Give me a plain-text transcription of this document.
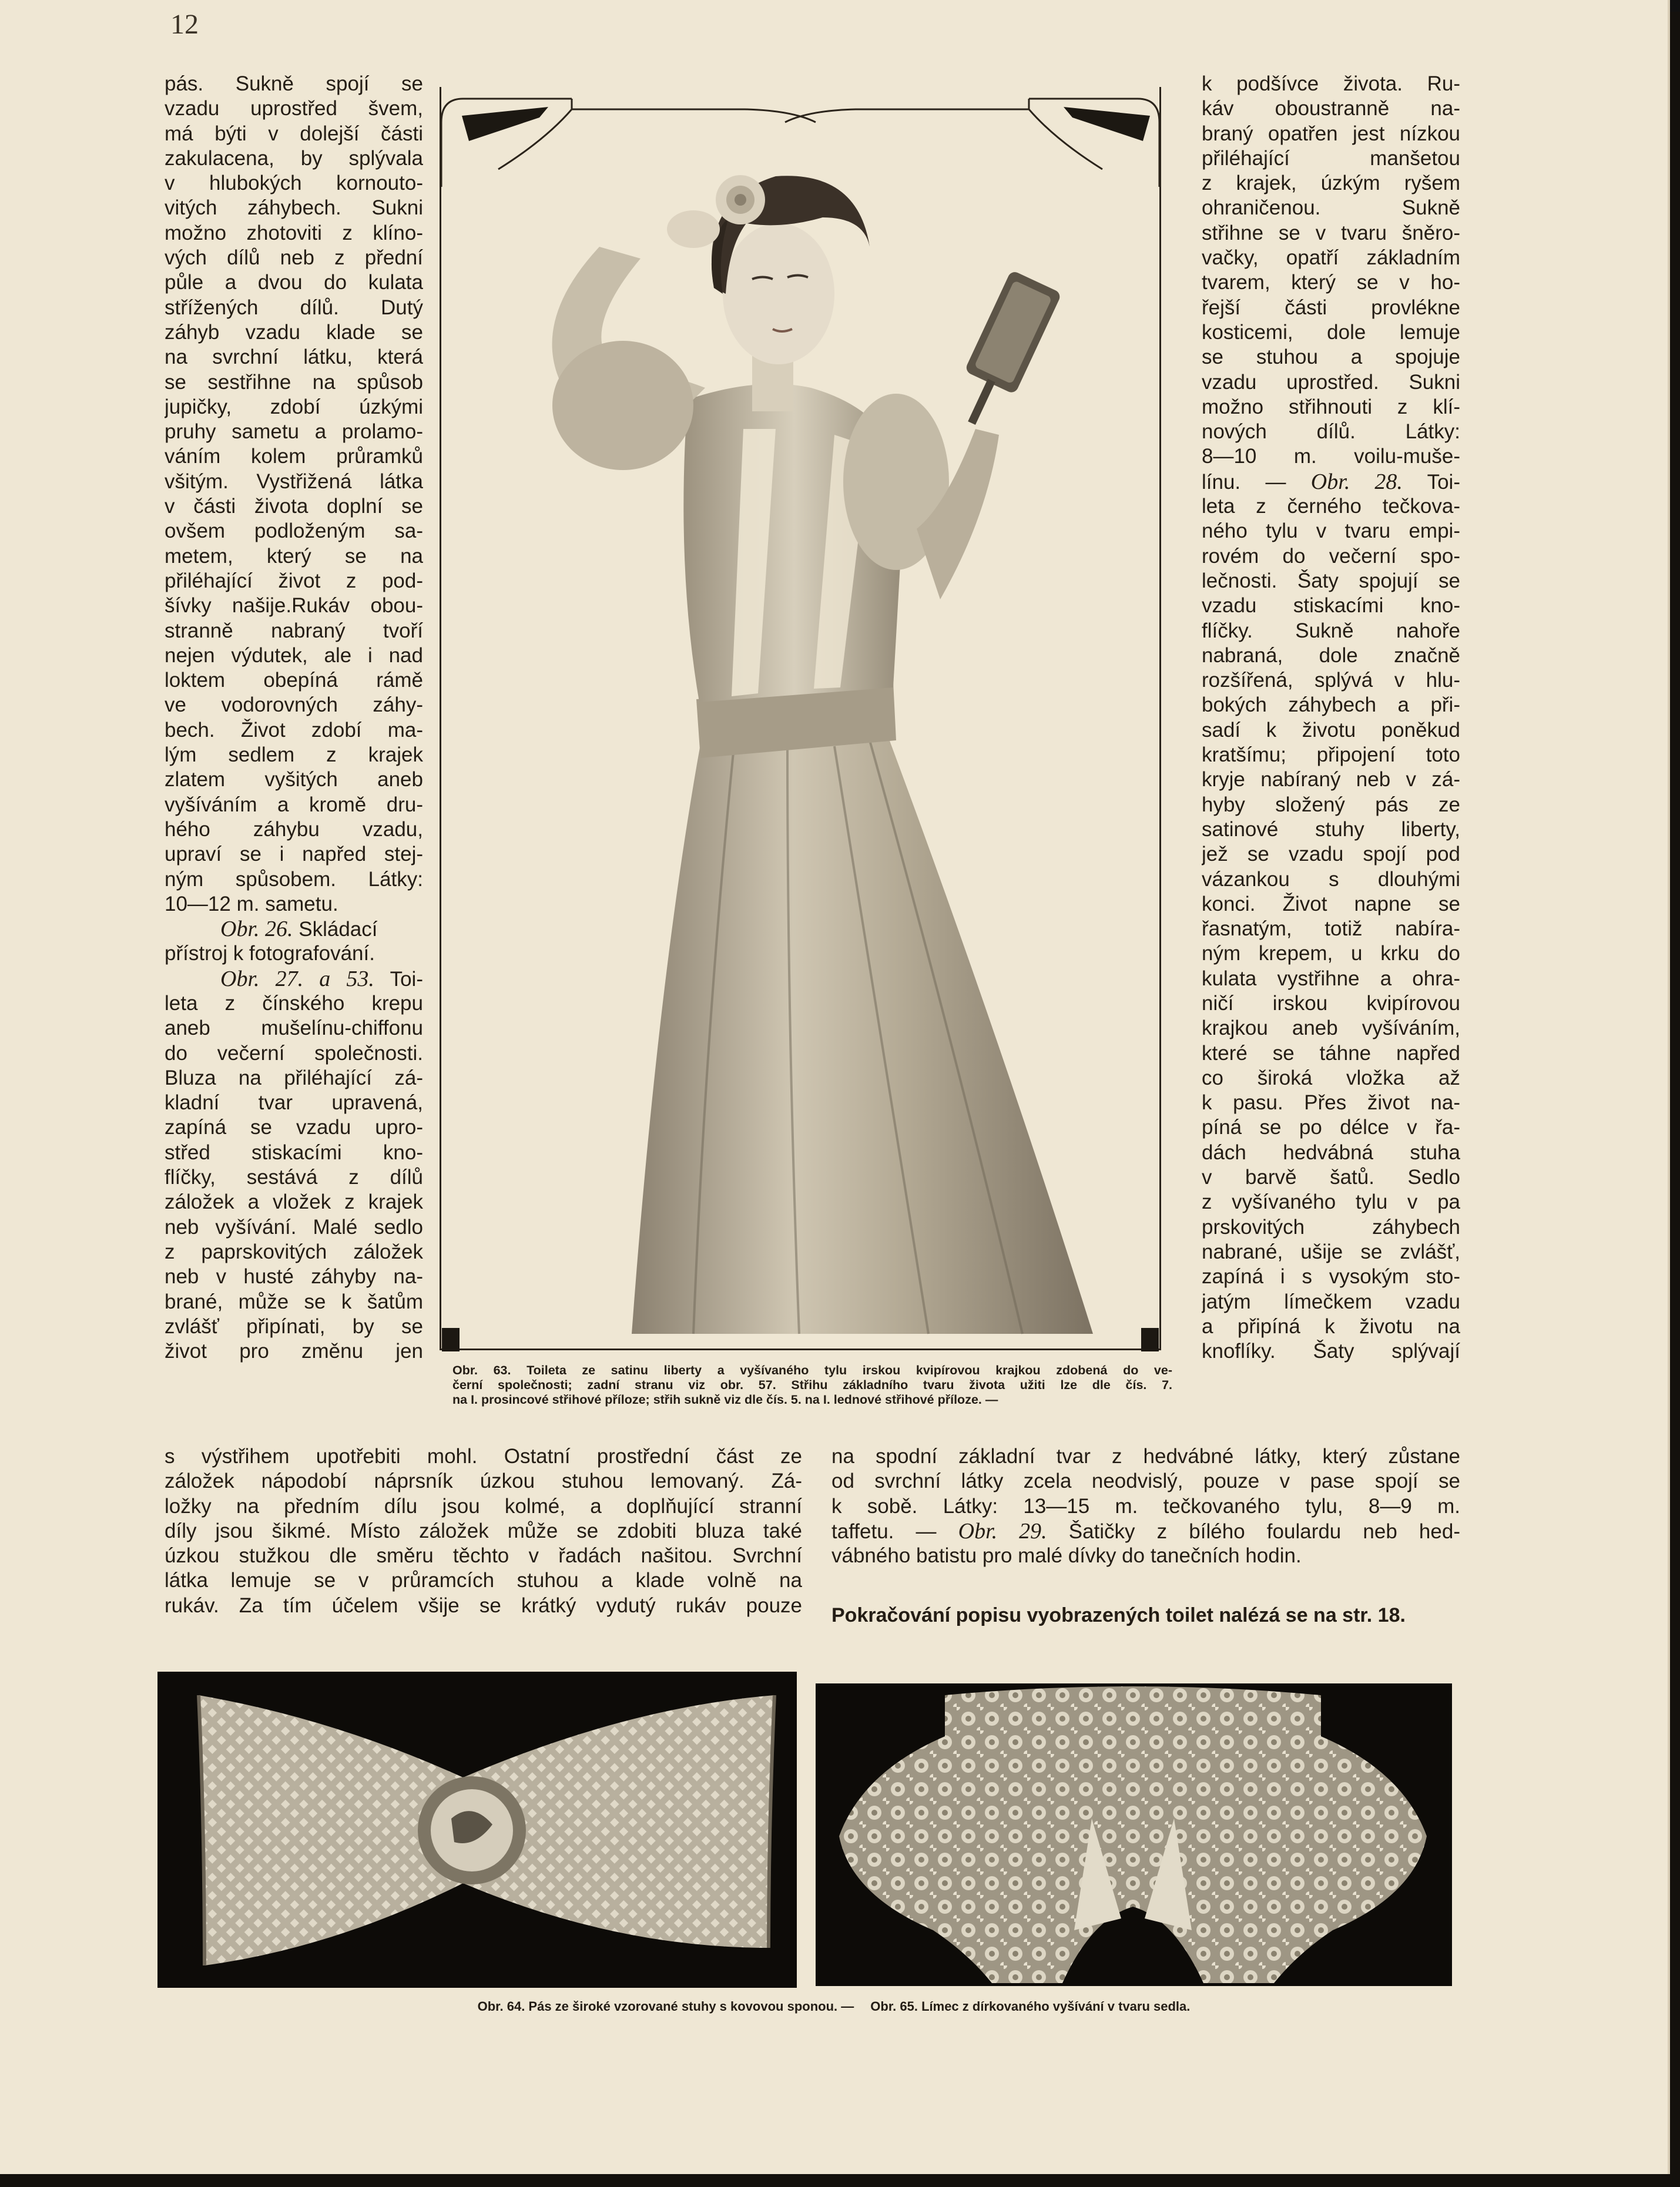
12
pás. Sukně spojí se
vzadu uprostřed švem,
má býti v dolejší části
zakulacena, by splývala
v hlubokých kornouto-
vitých záhybech. Sukni
možno zhotoviti z klíno-
vých dílů neb z přední
půle a dvou do kulata
střížených dílů. Dutý
záhyb vzadu klade se
na svrchní látku, která
se sestřihne na spůsob
jupičky, zdobí úzkými
pruhy sametu a prolamo-
váním kolem průramků
všitým. Vystřižená látka
v části života doplní se
ovšem podloženým sa-
metem, který se na
přiléhající život z pod-
šívky našije.Rukáv obou-
stranně nabraný tvoří
nejen výdutek, ale i nad
loktem obepíná rámě
ve vodorovných záhy-
bech. Život zdobí ma-
lým sedlem z krajek
zlatem vyšitých aneb
vyšíváním a kromě dru-
hého záhybu vzadu,
upraví se i napřed stej-
ným spůsobem. Látky:
10—12 m. sametu.
Obr. 26. Skládací
přístroj k fotografování.
Obr. 27. a 53. Toi-
leta z čínského krepu
aneb mušelínu-chiffonu
do večerní společnosti.
Bluza na přiléhající zá-
kladní tvar upravená,
zapíná se vzadu upro-
střed stiskacími kno-
flíčky, sestává z dílů
záložek a vložek z krajek
neb vyšívání. Malé sedlo
z paprskovitých záložek
neb v husté záhyby na-
brané, může se k šatům
zvlášť připínati, by se
život pro změnu jen
Obr. 63. Toileta ze satinu liberty a vyšívaného tylu irskou kvipírovou krajkou zdobená do ve-
černí společnosti; zadní stranu viz obr. 57. Střihu základního tvaru života užiti lze dle čís. 7.
na I. prosincové střihové příloze; střih sukně viz dle čís. 5. na I. lednové střihové příloze. —
k podšívce života. Ru-
káv oboustranně na-
braný opatřen jest nízkou
přiléhající manšetou
z krajek, úzkým ryšem
ohraničenou. Sukně
střihne se v tvaru šněro-
vačky, opatří základním
tvarem, který se v ho-
řejší části provlékne
kosticemi, dole lemuje
se stuhou a spojuje
vzadu uprostřed. Sukni
možno střihnouti z klí-
nových dílů. Látky:
8—10 m. voilu-muše-
línu. — Obr. 28. Toi-
leta z černého tečkova-
ného tylu v tvaru empi-
rovém do večerní spo-
lečnosti. Šaty spojují se
vzadu stiskacími kno-
flíčky. Sukně nahoře
nabraná, dole značně
rozšířená, splývá v hlu-
bokých záhybech a při-
sadí k životu poněkud
kratšímu; připojení toto
kryje nabíraný neb v zá-
hyby složený pás ze
satinové stuhy liberty,
jež se vzadu spojí pod
vázankou s dlouhými
konci. Život napne se
řasnatým, totiž nabíra-
ným krepem, u krku do
kulata vystřihne a ohra-
ničí irskou kvipírovou
krajkou aneb vyšíváním,
které se táhne napřed
co široká vložka až
k pasu. Přes život na-
píná se po délce v řa-
dách hedvábná stuha
v barvě šatů. Sedlo
z vyšívaného tylu v pa
prskovitých záhybech
nabrané, ušije se zvlášť,
zapíná i s vysokým sto-
jatým límečkem vzadu
a připíná k životu na
knoflíky. Šaty splývají
s výstřihem upotřebiti mohl. Ostatní prostřední část ze
záložek nápodobí náprsník úzkou stuhou lemovaný. Zá-
ložky na předním dílu jsou kolmé, a doplňující stranní
díly jsou šikmé. Místo záložek může se zdobiti bluza také
úzkou stužkou dle směru těchto v řadách našitou. Svrchní
látka lemuje se v průramcích stuhou a klade volně na
rukáv. Za tím účelem všije se krátký vydutý rukáv pouze
na spodní základní tvar z hedvábné látky, který zůstane
od svrchní látky zcela neodvislý, pouze v pase spojí se
k sobě. Látky: 13—15 m. tečkovaného tylu, 8—9 m.
taffetu. — Obr. 29. Šatičky z bílého foulardu neb hed-
vábného batistu pro malé dívky do tanečních hodin.
Pokračování popisu vyobrazených toilet nalézá se na str. 18.
Obr. 64. Pás ze široké vzorované stuhy s kovovou sponou. — Obr. 65. Límec z dírkovaného vyšívání v tvaru sedla.
